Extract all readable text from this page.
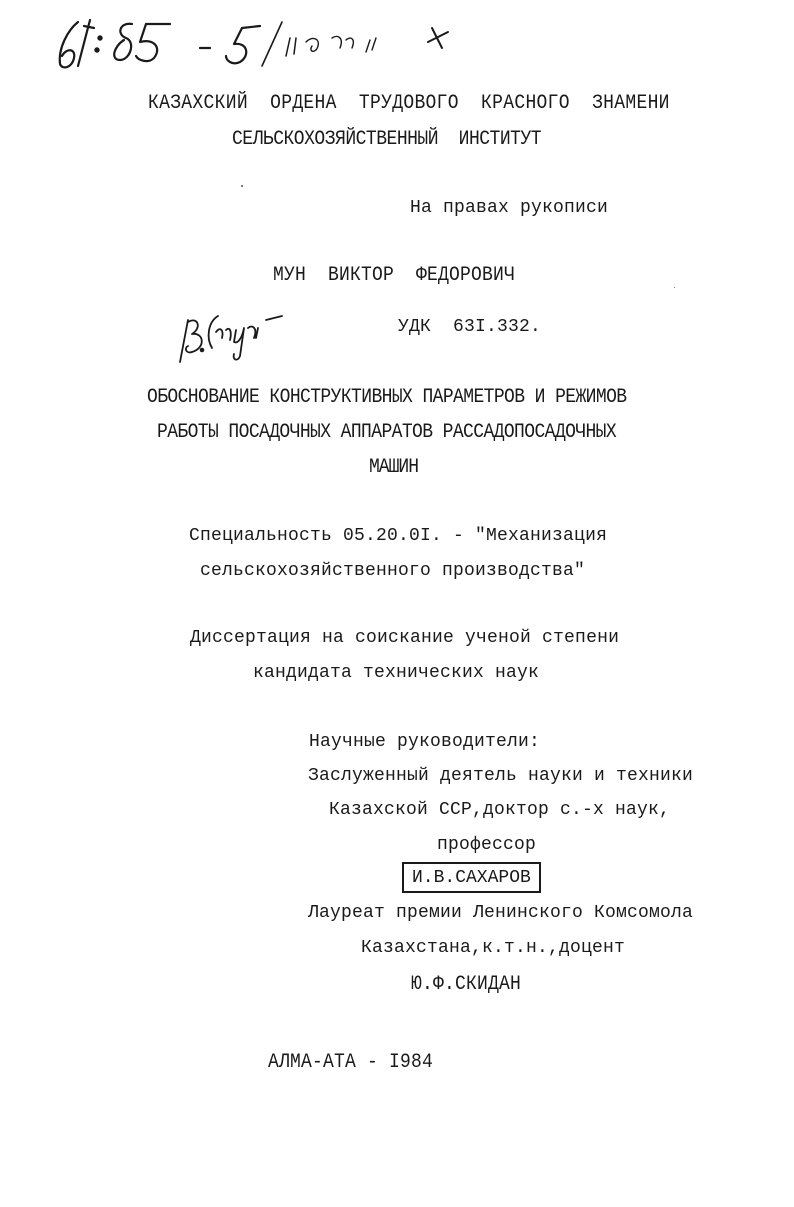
КАЗАХСКИЙ  ОРДЕНА  ТРУДОВОГО  КРАСНОГО  ЗНАМЕНИ
СЕЛЬСКОХОЗЯЙСТВЕННЫЙ  ИНСТИТУТ
На правах рукописи
МУН  ВИКТОР  ФЕДОРОВИЧ
УДК  63I.332.
ОБОСНОВАНИЕ КОНСТРУКТИВНЫХ ПАРАМЕТРОВ И РЕЖИМОВ
РАБОТЫ ПОСАДОЧНЫХ АППАРАТОВ РАССАДОПОСАДОЧНЫХ
МАШИН
Специальность 05.20.0I. - "Механизация
сельскохозяйственного производства"
Диссертация на соискание ученой степени
кандидата технических наук
Научные руководители:
Заслуженный деятель науки и техники
Казахской ССР,доктор с.-х наук,
профессор
И.В.САХАРОВ
Лауреат премии Ленинского Комсомола
Казахстана,к.т.н.,доцент
Ю.Ф.СКИДАН
АЛМА-АТА - I984
